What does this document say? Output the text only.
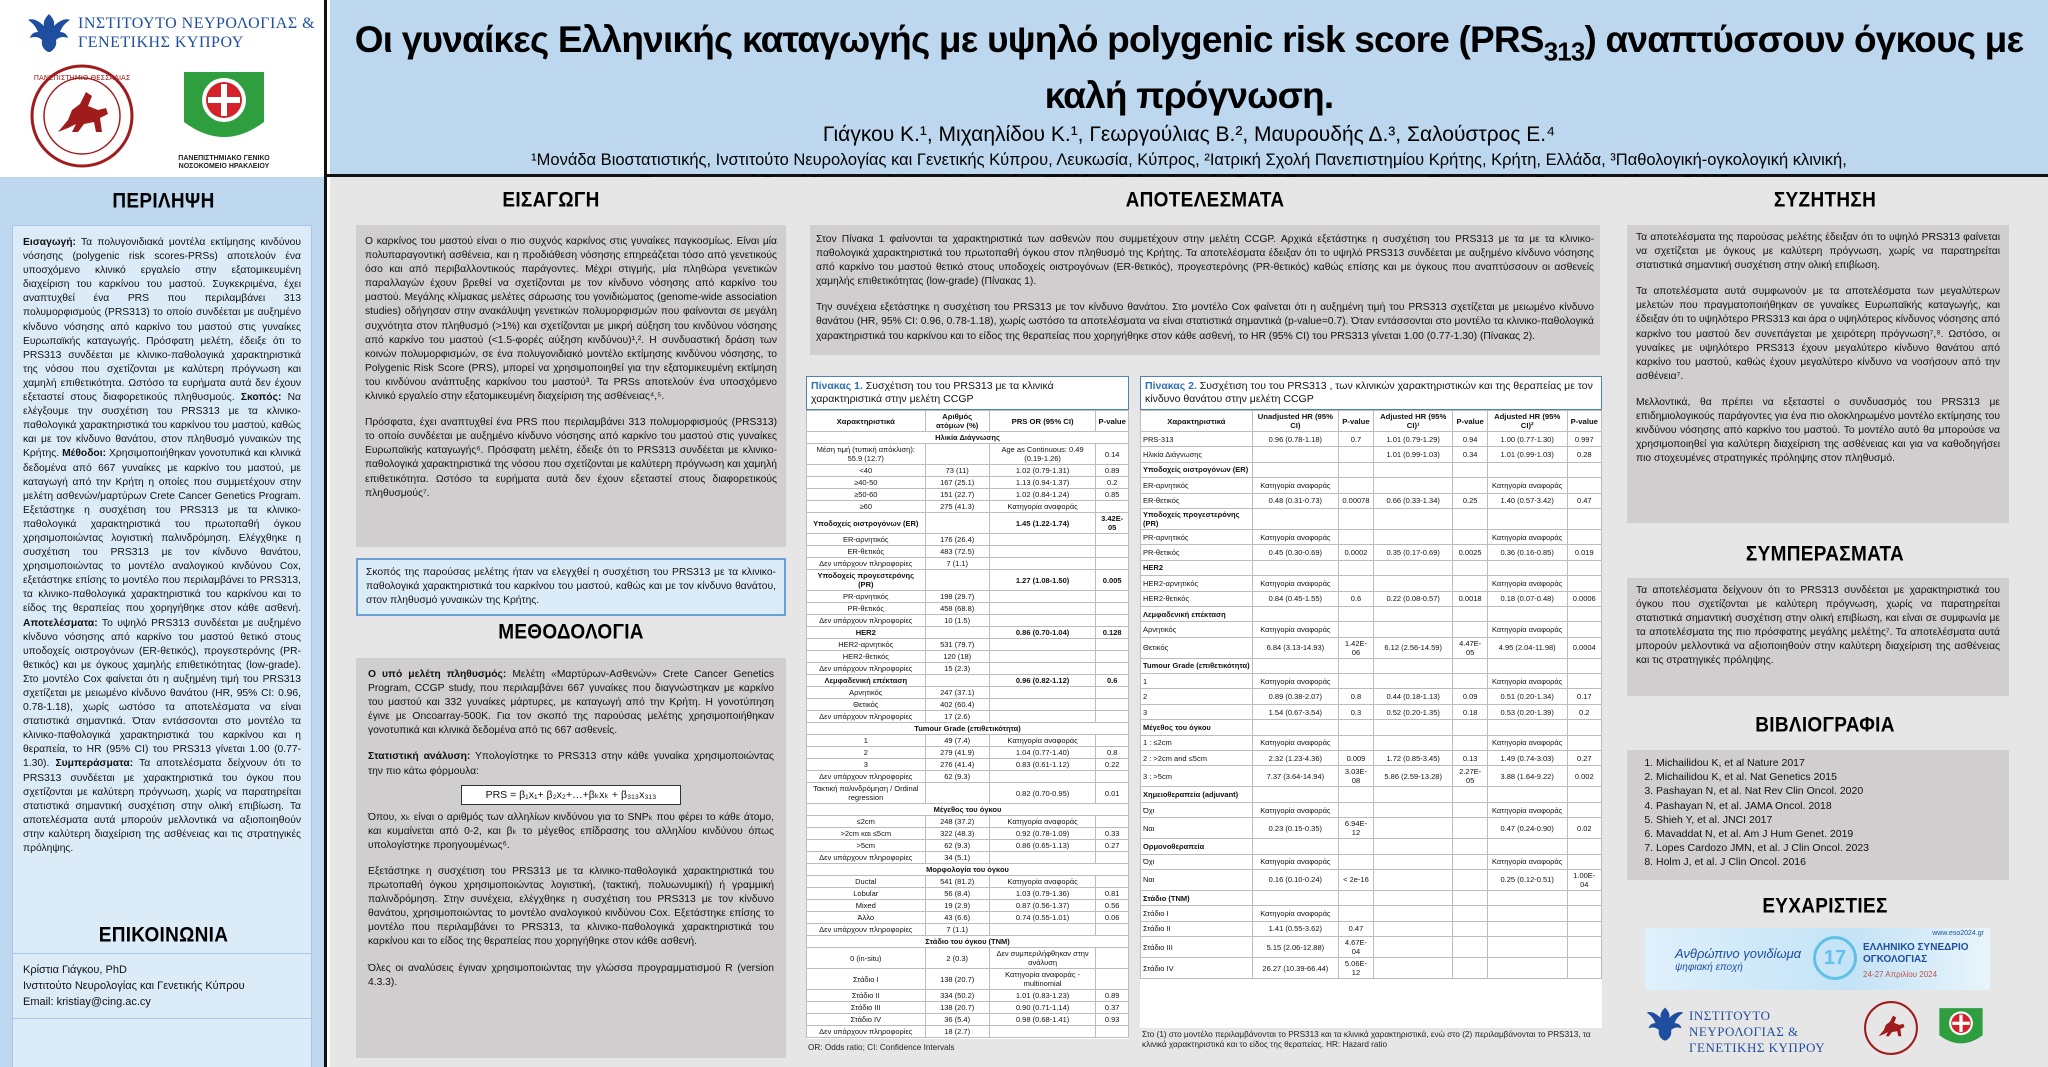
ΙΝΣΤΙΤΟΥΤΟ ΝΕΥΡΟΛΟΓΙΑΣ &
ΓΕΝΕΤΙΚΗΣ ΚΥΠΡΟΥ
ΠΑΝΕΠΙΣΤΗΜΙΟ ΘΕΣΣΑΛΙΑΣ
ΠΑΝΕΠΙΣΤΗΜΙΑΚΟ ΓΕΝΙΚΟ ΝΟΣΟΚΟΜΕΙΟ ΗΡΑΚΛΕΙΟΥ
Οι γυναίκες Ελληνικής καταγωγής με υψηλό polygenic risk score $(PRS_{313})$ αναπτύσσουν όγκους με καλή πρόγνωση.
Γιάγκου Κ.¹, Μιχαηλίδου Κ.¹, Γεωργούλιας Β.², Μαυρουδής Δ.³, Σαλούστρος Ε.⁴
¹Μονάδα Βιοστατιστικής, Ινστιτούτο Νευρολογίας και Γενετικής Κύπρου, Λευκωσία, Κύπρος, ²Ιατρική Σχολή Πανεπιστημίου Κρήτης, Κρήτη, Ελλάδα, ³Παθολογική-ογκολογική κλινική,
ΠΕΡΙΛΗΨΗ
Εισαγωγή: Τα πολυγονιδιακά μοντέλα εκτίμησης κινδύνου νόσησης (polygenic risk scores-PRSs) αποτελούν ένα υποσχόμενο κλινικό εργαλείο στην εξατομικευμένη διαχείριση του καρκίνου του μαστού. Συγκεκριμένα, έχει αναπτυχθεί ένα PRS που περιλαμβάνει 313 πολυμορφισμούς (PRS313) το οποίο συνδέεται με αυξημένο κίνδυνο νόσησης από καρκίνο του μαστού στις γυναίκες Ευρωπαϊκής καταγωγής. Πρόσφατη μελέτη, έδειξε ότι το PRS313 συνδέεται με κλινικο-παθολογικά χαρακτηριστικά της νόσου που σχετίζονται με καλύτερη πρόγνωση και χαμηλή επιθετικότητα. Ωστόσο τα ευρήματα αυτά δεν έχουν εξεταστεί στους διαφορετικούς πληθυσμούς. Σκοπός: Να ελέγξουμε την συσχέτιση του PRS313 με τα κλινικο-παθολογικά χαρακτηριστικά του καρκίνου του μαστού, καθώς και με τον κίνδυνο θανάτου, στον πληθυσμό γυναικών της Κρήτης. Μέθοδοι: Χρησιμοποιήθηκαν γονοτυπικά και κλινικά δεδομένα από 667 γυναίκες με καρκίνο του μαστού, με καταγωγή από την Κρήτη η οποίες που συμμετέχουν στην μελέτη ασθενών/μαρτύρων Crete Cancer Genetics Program. Εξετάστηκε η συσχέτιση του PRS313 με τα κλινικο-παθολογικά χαρακτηριστικά του πρωτοπαθή όγκου χρησιμοποιώντας λογιστική παλινδρόμηση. Ελέγχθηκε η συσχέτιση του PRS313 με τον κίνδυνο θανάτου, χρησιμοποιώντας το μοντέλο αναλογικού κινδύνου Cox, εξετάστηκε επίσης το μοντέλο που περιλαμβάνει το PRS313, τα κλινικο-παθολογικά χαρακτηριστικά του καρκίνου και το είδος της θεραπείας που χορηγήθηκε στον κάθε ασθενή. Αποτελέσματα: Το υψηλό PRS313 συνδέεται με αυξημένο κίνδυνο νόσησης από καρκίνο του μαστού θετικό στους υποδοχείς οιστρογόνων (ER-θετικός), προγεστερόνης (PR-θετικός) και με όγκους χαμηλής επιθετικότητας (low-grade). Στο μοντέλο Cox φαίνεται ότι η αυξημένη τιμή του PRS313 σχετίζεται με μειωμένο κίνδυνο θανάτου (HR, 95% CI: 0.96, 0.78-1.18), χωρίς ωστόσο τα αποτελέσματα να είναι στατιστικά σημαντικά. Όταν εντάσσονται στο μοντέλο τα κλινικο-παθολογικά χαρακτηριστικά του καρκίνου και η θεραπεία, το HR (95% CI) του PRS313 γίνεται 1.00 (0.77-1.30). Συμπεράσματα: Τα αποτελέσματα δείχνουν ότι το PRS313 συνδέεται με χαρακτηριστικά του όγκου που σχετίζονται με καλύτερη πρόγνωση, χωρίς να παρατηρείται στατιστικά σημαντική συσχέτιση στην ολική επιβίωση. Τα αποτελέσματα αυτά μπορούν μελλοντικά να αξιοποιηθούν στην καλύτερη διαχείριση της ασθένειας και τις στρατηγικές πρόληψης.
ΕΠΙΚΟΙΝΩΝΙΑ
Κρίστια Γιάγκου, PhD
Ινστιτούτο Νευρολογίας και Γενετικής Κύπρου
Email: kristiay@cing.ac.cy
ΕΙΣΑΓΩΓΗ
Ο καρκίνος του μαστού είναι ο πιο συχνός καρκίνος στις γυναίκες παγκοσμίως. Είναι μία πολυπαραγοντική ασθένεια, και η προδιάθεση νόσησης επηρεάζεται τόσο από γενετικούς όσο και από περιβαλλοντικούς παράγοντες. Μέχρι στιγμής, μία πληθώρα γενετικών παραλλαγών έχουν βρεθεί να σχετίζονται με τον κίνδυνο νόσησης από καρκίνο του μαστού. Μεγάλης κλίμακας μελέτες σάρωσης του γονιδιώματος (genome-wide association studies) οδήγησαν στην ανακάλυψη γενετικών πολυμορφισμών που φαίνονται σε μεγάλη συχνότητα στον πληθυσμό (>1%) και σχετίζονται με μικρή αύξηση του κινδύνου νόσησης από καρκίνο του μαστού (<1.5-φορές αύξηση κινδύνου)¹,². Η συνδυαστική δράση των κοινών πολυμορφισμών, σε ένα πολυγονιδιακό μοντέλο εκτίμησης κινδύνου νόσησης, το Polygenic Risk Score (PRS), μπορεί να χρησιμοποιηθεί για την εξατομικευμένη εκτίμηση του κινδύνου ανάπτυξης καρκίνου του μαστού³. Τα PRSs αποτελούν ένα υποσχόμενο κλινικό εργαλείο στην εξατομικευμένη διαχείριση της ασθένειας⁴,⁵.
Πρόσφατα, έχει αναπτυχθεί ένα PRS που περιλαμβάνει 313 πολυμορφισμούς (PRS313) το οποίο συνδέεται με αυξημένο κίνδυνο νόσησης από καρκίνο του μαστού στις γυναίκες Ευρωπαϊκής καταγωγής⁶. Πρόσφατη μελέτη, έδειξε ότι το PRS313 συνδέεται με κλινικο-παθολογικά χαρακτηριστικά της νόσου που σχετίζονται με καλύτερη πρόγνωση και χαμηλή επιθετικότητα. Ωστόσο τα ευρήματα αυτά δεν έχουν εξεταστεί στους διαφορετικούς πληθυσμούς⁷.
Σκοπός της παρούσας μελέτης ήταν να ελεγχθεί η συσχέτιση του PRS313 με τα κλινικο-παθολογικά χαρακτηριστικά του καρκίνου του μαστού, καθώς και με τον κίνδυνο θανάτου, στον πληθυσμό γυναικών της Κρήτης.
ΜΕΘΟΔΟΛΟΓΙΑ
Ο υπό μελέτη πληθυσμός: Μελέτη «Μαρτύρων-Ασθενών» Crete Cancer Genetics Program, CCGP study, που περιλαμβάνει 667 γυναίκες που διαγνώστηκαν με καρκίνο του μαστού και 332 γυναίκες μάρτυρες, με καταγωγή από την Κρήτη. Η γονοτύπηση έγινε με Oncoarray-500K. Για τον σκοπό της παρούσας μελέτης χρησιμοποιήθηκαν γονοτυπικά και κλινικά δεδομένα από τις 667 ασθενείς.
Στατιστική ανάλυση: Υπολογίστηκε το PRS313 στην κάθε γυναίκα χρησιμοποιώντας την πιο κάτω φόρμουλα:
PRS = β₁x₁+ β₂x₂+…+βₖxₖ + β₃₁₃x₃₁₃
Όπου, xₖ είναι ο αριθμός των αλληλίων κινδύνου για το SNPₖ που φέρει το κάθε άτομο, και κυμαίνεται από 0-2, και βₖ το μέγεθος επίδρασης του αλληλίου κινδύνου όπως υπολογίστηκε προηγουμένως⁶.
Εξετάστηκε η συσχέτιση του PRS313 με τα κλινικο-παθολογικά χαρακτηριστικά του πρωτοπαθή όγκου χρησιμοποιώντας λογιστική, (τακτική, πολυωνυμική) ή γραμμική παλινδρόμηση. Στην συνέχεια, ελέγχθηκε η συσχέτιση του PRS313 με τον κίνδυνο θανάτου, χρησιμοποιώντας το μοντέλο αναλογικού κινδύνου Cox. Εξετάστηκε επίσης το μοντέλο που περιλαμβάνει το PRS313, τα κλινικο-παθολογικά χαρακτηριστικά του καρκίνου και το είδος της θεραπείας που χορηγήθηκε στον κάθε ασθενή.
Όλες οι αναλύσεις έγιναν χρησιμοποιώντας την γλώσσα προγραμματισμού R (version 4.3.3).
ΑΠΟΤΕΛΕΣΜΑΤΑ
Στον Πίνακα 1 φαίνονται τα χαρακτηριστικά των ασθενών που συμμετέχουν στην μελέτη CCGP. Αρχικά εξετάστηκε η συσχέτιση του PRS313 με τα με τα κλινικο-παθολογικά χαρακτηριστικά του πρωτοπαθή όγκου στον πληθυσμό της Κρήτης. Τα αποτελέσματα έδειξαν ότι το υψηλό PRS313 συνδέεται με αυξημένο κίνδυνο νόσησης από καρκίνο του μαστού θετικό στους υποδοχείς οιστρογόνων (ER-θετικός), προγεστερόνης (PR-θετικός) καθώς επίσης και με όγκους που αναπτύσσουν οι ασθενείς χαμηλής επιθετικότητας (low-grade) (Πίνακας 1).
Την συνέχεια εξετάστηκε η συσχέτιση του PRS313 με τον κίνδυνο θανάτου. Στο μοντέλο Cox φαίνεται ότι η αυξημένη τιμή του PRS313 σχετίζεται με μειωμένο κίνδυνο θανάτου (HR, 95% CI: 0.96, 0.78-1.18), χωρίς ωστόσο τα αποτελέσματα να είναι στατιστικά σημαντικά (p-value=0.7). Όταν εντάσσονται στο μοντέλο τα κλινικο-παθολογικά χαρακτηριστικά του καρκίνου και το είδος της θεραπείας που χορηγήθηκε στον κάθε ασθενή, το HR (95% CI) του PRS313 γίνεται 1.00 (0.77-1.30) (Πίνακας 2).
Πίνακας 1. Συσχέτιση του του PRS313 με τα κλινικά χαρακτηριστικά στην μελέτη CCGP
Χαρακτηριστικά	Αριθμός ατόμων (%)	PRS OR (95% CI)	P-value
Ηλικία Διάγνωσης			
Μέση τιμή (τυπική απόκλιση): 55.9 (12.7)		Age as Continuous: 0.49 (0.19-1.26)	0.14
<40	73 (11)	1.02 (0.79-1.31)	0.89
≥40-50	167 (25.1)	1.13 (0.94-1.37)	0.2
≥50-60	151 (22.7)	1.02 (0.84-1.24)	0.85
≥60	275 (41.3)	Κατηγορία αναφοράς	
Υποδοχείς οιστρογόνων (ER)		1.45 (1.22-1.74)	3.42E-05
ER-αρνητικός	176 (26.4)		
ER-θετικός	483 (72.5)		
Δεν υπάρχουν πληροφορίες	7 (1.1)		
Υποδοχείς προγεστερόνης (PR)		1.27 (1.08-1.50)	0.005
PR-αρνητικός	198 (29.7)		
PR-θετικός	458 (68.8)		
Δεν υπάρχουν πληροφορίες	10 (1.5)		
HER2		0.86 (0.70-1.04)	0.128
HER2-αρνητικός	531 (79.7)		
HER2-θετικός	120 (18)		
Δεν υπάρχουν πληροφορίες	15 (2.3)		
Λεμφαδενική επέκταση		0.96 (0.82-1.12)	0.6
Αρνητικός	247 (37.1)		
Θετικός	402 (60.4)		
Δεν υπάρχουν πληροφορίες	17 (2.6)		
Tumour Grade (επιθετικότητα)			
1	49 (7.4)	Κατηγορία αναφοράς	
2	279 (41.9)	1.04 (0.77-1.40)	0.8
3	276 (41.4)	0.83 (0.61-1.12)	0.22
Δεν υπάρχουν πληροφορίες	62 (9.3)		
Τακτική παλινδρόμηση / Ordinal regression		0.82 (0.70-0.95)	0.01
Μέγεθος του όγκου			
≤2cm	248 (37.2)	Κατηγορία αναφοράς	
>2cm και ≤5cm	322 (48.3)	0.92 (0.78-1.09)	0.33
>5cm	62 (9.3)	0.86 (0.65-1.13)	0.27
Δεν υπάρχουν πληροφορίες	34 (5.1)		
Μορφολογία του όγκου			
Ductal	541 (81.2)	Κατηγορία αναφοράς	
Lobular	56 (8.4)	1.03 (0.79-1.36)	0.81
Mixed	19 (2.9)	0.87 (0.56-1.37)	0.56
Άλλο	43 (6.6)	0.74 (0.55-1.01)	0.06
Δεν υπάρχουν πληροφορίες	7 (1.1)		
Στάδιο του όγκου (TNM)			
0 (in-situ)	2 (0.3)	Δεν συμπεριλήφθηκαν στην ανάλυση	
Στάδιο Ι	138 (20.7)	Κατηγορία αναφοράς - multinomial	
Στάδιο ΙΙ	334 (50.2)	1.01 (0.83-1.23)	0.89
Στάδιο ΙΙΙ	138 (20.7)	0.90 (0.71-1.14)	0.37
Στάδιο ΙV	36 (5.4)	0.98 (0.68-1.41)	0.93
Δεν υπάρχουν πληροφορίες	18 (2.7)		
OR: Odds ratio; CI: Confidence Intervals
Πίνακας 2. Συσχέτιση του του PRS313 , των κλινικών χαρακτηριστικών και της θεραπείας με τον κίνδυνο θανάτου στην μελέτη CCGP
Χαρακτηριστικά	Unadjusted HR (95% CI)	P-value	Adjusted HR (95% CI)¹	P-value	Adjusted HR (95% CI)²	P-value
PRS-313	0.96 (0.78-1.18)	0.7	1.01 (0.79-1.29)	0.94	1.00 (0.77-1.30)	0.997
Ηλικία Διάγνωσης			1.01 (0.99-1.03)	0.34	1.01 (0.99-1.03)	0.28
Υποδοχείς οιστρογόνων (ER)						
ER-αρνητικός	Κατηγορία αναφοράς				Κατηγορία αναφοράς	
ER-θετικός	0.48 (0.31-0.73)	0.00078	0.66 (0.33-1.34)	0.25	1.40 (0.57-3.42)	0.47
Υποδοχείς προγεστερόνης (PR)						
PR-αρνητικός	Κατηγορία αναφοράς				Κατηγορία αναφοράς	
PR-θετικός	0.45 (0.30-0.69)	0.0002	0.35 (0.17-0.69)	0.0025	0.36 (0.16-0.85)	0.019
HER2						
HER2-αρνητικός	Κατηγορία αναφοράς				Κατηγορία αναφοράς	
HER2-θετικός	0.84 (0.45-1.55)	0.6	0.22 (0.08-0.57)	0.0018	0.18 (0.07-0.48)	0.0006
Λεμφαδενική επέκταση						
Αρνητικός	Κατηγορία αναφοράς				Κατηγορία αναφοράς	
Θετικός	6.84 (3.13-14.93)	1.42E-06	6.12 (2.56-14.59)	4.47E-05	4.95 (2.04-11.98)	0.0004
Tumour Grade (επιθετικότητα)						
1	Κατηγορία αναφοράς				Κατηγορία αναφοράς	
2	0.89 (0.38-2.07)	0.8	0.44 (0.18-1.13)	0.09	0.51 (0.20-1.34)	0.17
3	1.54 (0.67-3.54)	0.3	0.52 (0.20-1.35)	0.18	0.53 (0.20-1.39)	0.2
Μέγεθος του όγκου						
1 : ≤2cm	Κατηγορία αναφοράς				Κατηγορία αναφοράς	
2 : >2cm and ≤5cm	2.32 (1.23-4.36)	0.009	1.72 (0.85-3.45)	0.13	1.49 (0.74-3.03)	0.27
3 : >5cm	7.37 (3.64-14.94)	3.03E-08	5.86 (2.59-13.28)	2.27E-05	3.88 (1.64-9.22)	0.002
Χημειοθεραπεία (adjuvant)						
Όχι	Κατηγορία αναφοράς				Κατηγορία αναφοράς	
Ναι	0.23 (0.15-0.35)	6.94E-12			0.47 (0.24-0.90)	0.02
Ορμονοθεραπεία						
Όχι	Κατηγορία αναφοράς				Κατηγορία αναφοράς	
Ναι	0.16 (0.10-0.24)	< 2e-16			0.25 (0.12-0.51)	1.00E-04
Στάδιο (TNM)						
Στάδιο Ι	Κατηγορία αναφοράς					
Στάδιο ΙΙ	1.41 (0.55-3.62)	0.47				
Στάδιο ΙΙΙ	5.15 (2.06-12.88)	4.67E-04				
Στάδιο ΙV	26.27 (10.39-66.44)	5.06E-12				
Στο (1) στο μοντέλο περιλαμβάνονται το PRS313 και τα κλινικά χαρακτηριστικά, ενώ στο (2) περιλαμβάνονται το PRS313, τα κλινικά χαρακτηριστικά και το είδος της θεραπείας. HR: Hazard ratio
ΣΥΖΗΤΗΣΗ
Τα αποτελέσματα της παρούσας μελέτης έδειξαν ότι το υψηλό PRS313 φαίνεται να σχετίζεται με όγκους με καλύτερη πρόγνωση, χωρίς να παρατηρείται στατιστικά σημαντική συσχέτιση στην ολική επιβίωση.
Τα αποτελέσματα αυτά συμφωνούν με τα αποτελέσματα των μεγαλύτερων μελετών που πραγματοποιήθηκαν σε γυναίκες Ευρωπαϊκής καταγωγής, και έδειξαν ότι το υψηλότερο PRS313 και άρα ο υψηλότερος κίνδυνος νόσησης από καρκίνο του μαστού δεν συνεπάγεται με χειρότερη πρόγνωση⁷,⁸. Ωστόσο, οι γυναίκες με υψηλότερο PRS313 έχουν μεγαλύτερο κίνδυνο θανάτου από καρκίνο του μαστού, καθώς έχουν μεγαλύτερο κίνδυνο να νοσήσουν από την ασθένεια⁷.
Μελλοντικά, θα πρέπει να εξεταστεί ο συνδυασμός του PRS313 με επιδημιολογικούς παράγοντες για ένα πιο ολοκληρωμένο μοντέλο εκτίμησης του κινδύνου νόσησης από καρκίνο του μαστού. Το μοντέλο αυτό θα μπορούσε να χρησιμοποιηθεί για καλύτερη διαχείριση της ασθένειας και για να καθοδηγήσει πιο στοχευμένες στρατηγικές πρόληψης στον πληθυσμό.
ΣΥΜΠΕΡΑΣΜΑΤΑ
Τα αποτελέσματα δείχνουν ότι το PRS313 συνδέεται με χαρακτηριστικά του όγκου που σχετίζονται με καλύτερη πρόγνωση, χωρίς να παρατηρείται στατιστικά σημαντική συσχέτιση στην ολική επιβίωση, και είναι σε συμφωνία με τα αποτελέσματα της πιο πρόσφατης μεγάλης μελέτης⁷. Τα αποτελέσματα αυτά μπορούν μελλοντικά να αξιοποιηθούν στην καλύτερη διαχείριση της ασθένειας και τις στρατηγικές πρόληψης.
ΒΙΒΛΙΟΓΡΑΦΙΑ
1. Michailidou K, et al Nature 2017
2. Michailidou K, et al. Nat Genetics 2015
3. Pashayan N, et al. Nat Rev Clin Oncol. 2020
4. Pashayan N, et al. JAMA Oncol. 2018
5. Shieh Y, et al. JNCI 2017
6. Mavaddat N, et al. Am J Hum Genet. 2019
7. Lopes Cardozo JMN, et al. J Clin Oncol. 2023
8. Holm J, et al. J Clin Oncol. 2016
ΕΥΧΑΡΙΣΤΙΕΣ
www.eso2024.gr
Ανθρώπινο γονιδίωμα
ψηφιακή εποχή	17	ΕΛΛΗΝΙΚΟ ΣΥΝΕΔΡΙΟ ΟΓΚΟΛΟΓΙΑΣ
24-27 Απριλίου 2024
ΙΝΣΤΙΤΟΥΤΟ ΝΕΥΡΟΛΟΓΙΑΣ &
ΓΕΝΕΤΙΚΗΣ ΚΥΠΡΟΥ
